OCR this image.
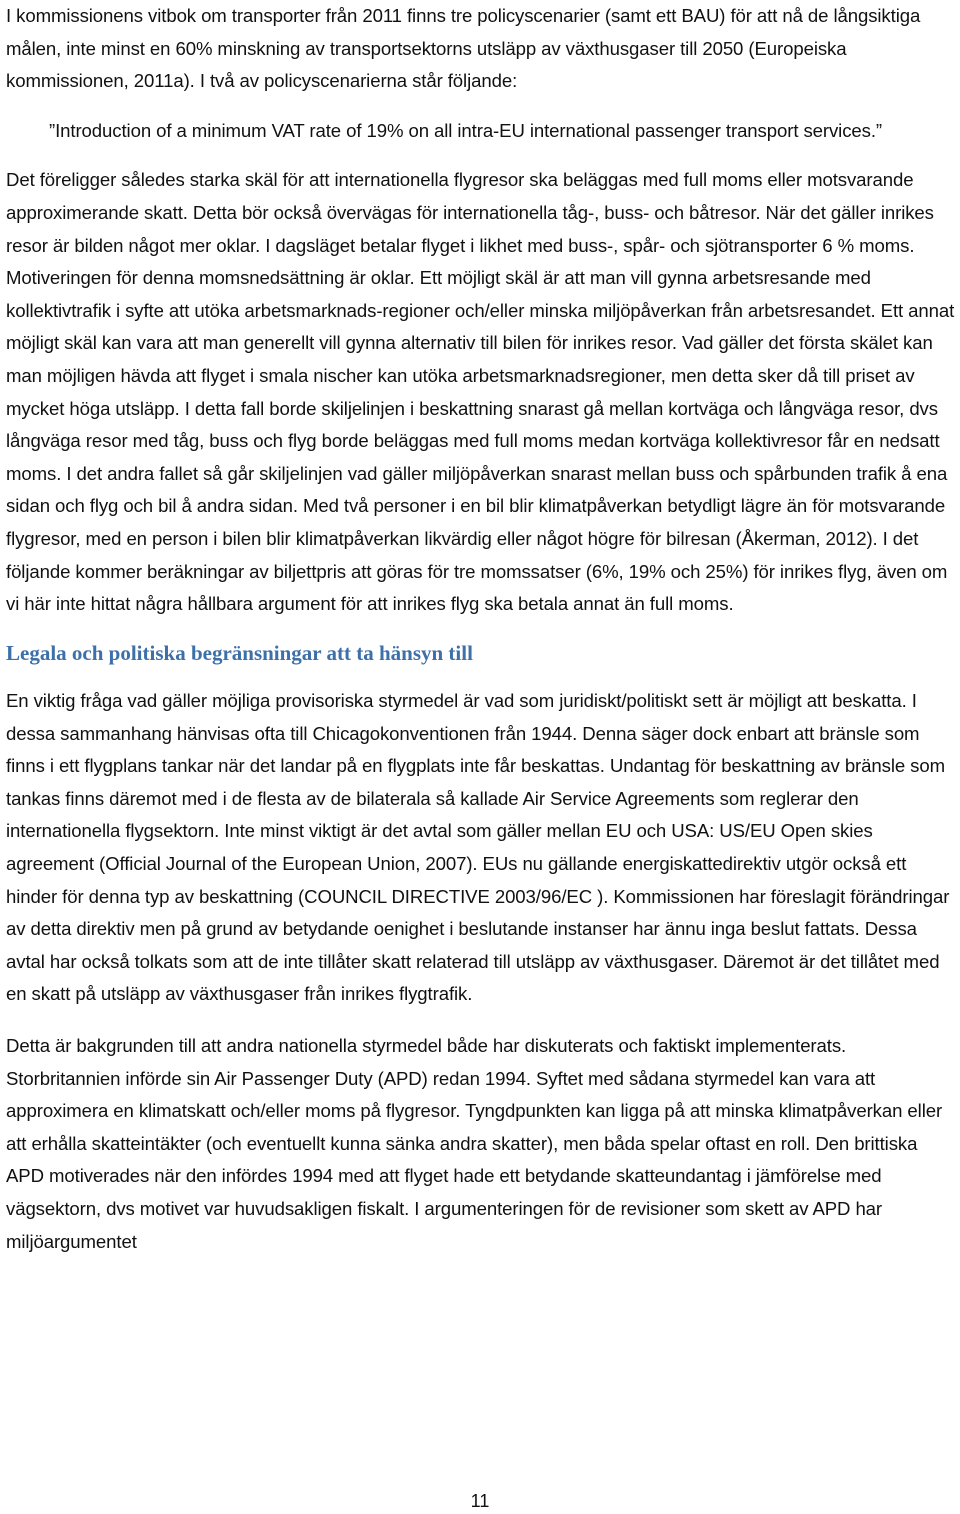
I kommissionens vitbok om transporter från 2011 finns tre policyscenarier (samt ett BAU) för att nå de långsiktiga målen, inte minst en 60% minskning av transportsektorns utsläpp av växthusgaser till 2050 (Europeiska kommissionen, 2011a). I två av policyscenarierna står följande:

”Introduction of a minimum VAT rate of 19% on all intra-EU international passenger transport services.”

Det föreligger således starka skäl för att internationella flygresor ska beläggas med full moms eller motsvarande approximerande skatt. Detta bör också övervägas för internationella tåg-, buss- och båtresor. När det gäller inrikes resor är bilden något mer oklar. I dagsläget betalar flyget i likhet med buss-, spår- och sjötransporter 6 % moms. Motiveringen för denna momsnedsättning är oklar. Ett möjligt skäl är att man vill gynna arbetsresande med kollektivtrafik i syfte att utöka arbetsmarknads-regioner och/eller minska miljöpåverkan från arbetsresandet. Ett annat möjligt skäl kan vara att man generellt vill gynna alternativ till bilen för inrikes resor. Vad gäller det första skälet kan man möjligen hävda att flyget i smala nischer kan utöka arbetsmarknadsregioner, men detta sker då till priset av mycket höga utsläpp. I detta fall borde skiljelinjen i beskattning snarast gå mellan kortväga och långväga resor, dvs långväga resor med tåg, buss och flyg borde beläggas med full moms medan kortväga kollektivresor får en nedsatt moms. I det andra fallet så går skiljelinjen vad gäller miljöpåverkan snarast mellan buss och spårbunden trafik å ena sidan och flyg och bil å andra sidan. Med två personer i en bil blir klimatpåverkan betydligt lägre än för motsvarande flygresor, med en person i bilen blir klimatpåverkan likvärdig eller något högre för bilresan (Åkerman, 2012). I det följande kommer beräkningar av biljettpris att göras för tre momssatser (6%, 19% och 25%) för inrikes flyg, även om vi här inte hittat några hållbara argument för att inrikes flyg ska betala annat än full moms.

Legala och politiska begränsningar att ta hänsyn till

En viktig fråga vad gäller möjliga provisoriska styrmedel är vad som juridiskt/politiskt sett är möjligt att beskatta. I dessa sammanhang hänvisas ofta till Chicagokonventionen från 1944. Denna säger dock enbart att bränsle som finns i ett flygplans tankar när det landar på en flygplats inte får beskattas. Undantag för beskattning av bränsle som tankas finns däremot med i de flesta av de bilaterala så kallade Air Service Agreements som reglerar den internationella flygsektorn. Inte minst viktigt är det avtal som gäller mellan EU och USA: US/EU Open skies agreement (Official Journal of the European Union, 2007). EUs nu gällande energiskattedirektiv utgör också ett hinder för denna typ av beskattning (COUNCIL DIRECTIVE 2003/96/EC ). Kommissionen har föreslagit förändringar av detta direktiv men på grund av betydande oenighet i beslutande instanser har ännu inga beslut fattats. Dessa avtal har också tolkats som att de inte tillåter skatt relaterad till utsläpp av växthusgaser. Däremot är det tillåtet med en skatt på utsläpp av växthusgaser från inrikes flygtrafik.

Detta är bakgrunden till att andra nationella styrmedel både har diskuterats och faktiskt implementerats. Storbritannien införde sin Air Passenger Duty (APD) redan 1994. Syftet med sådana styrmedel kan vara att approximera en klimatskatt och/eller moms på flygresor. Tyngdpunkten kan ligga på att minska klimatpåverkan eller att erhålla skatteintäkter (och eventuellt kunna sänka andra skatter), men båda spelar oftast en roll. Den brittiska APD motiverades när den infördes 1994 med att flyget hade ett betydande skatteundantag i jämförelse med vägsektorn, dvs motivet var huvudsakligen fiskalt. I argumenteringen för de revisioner som skett av APD har miljöargumentet

11
